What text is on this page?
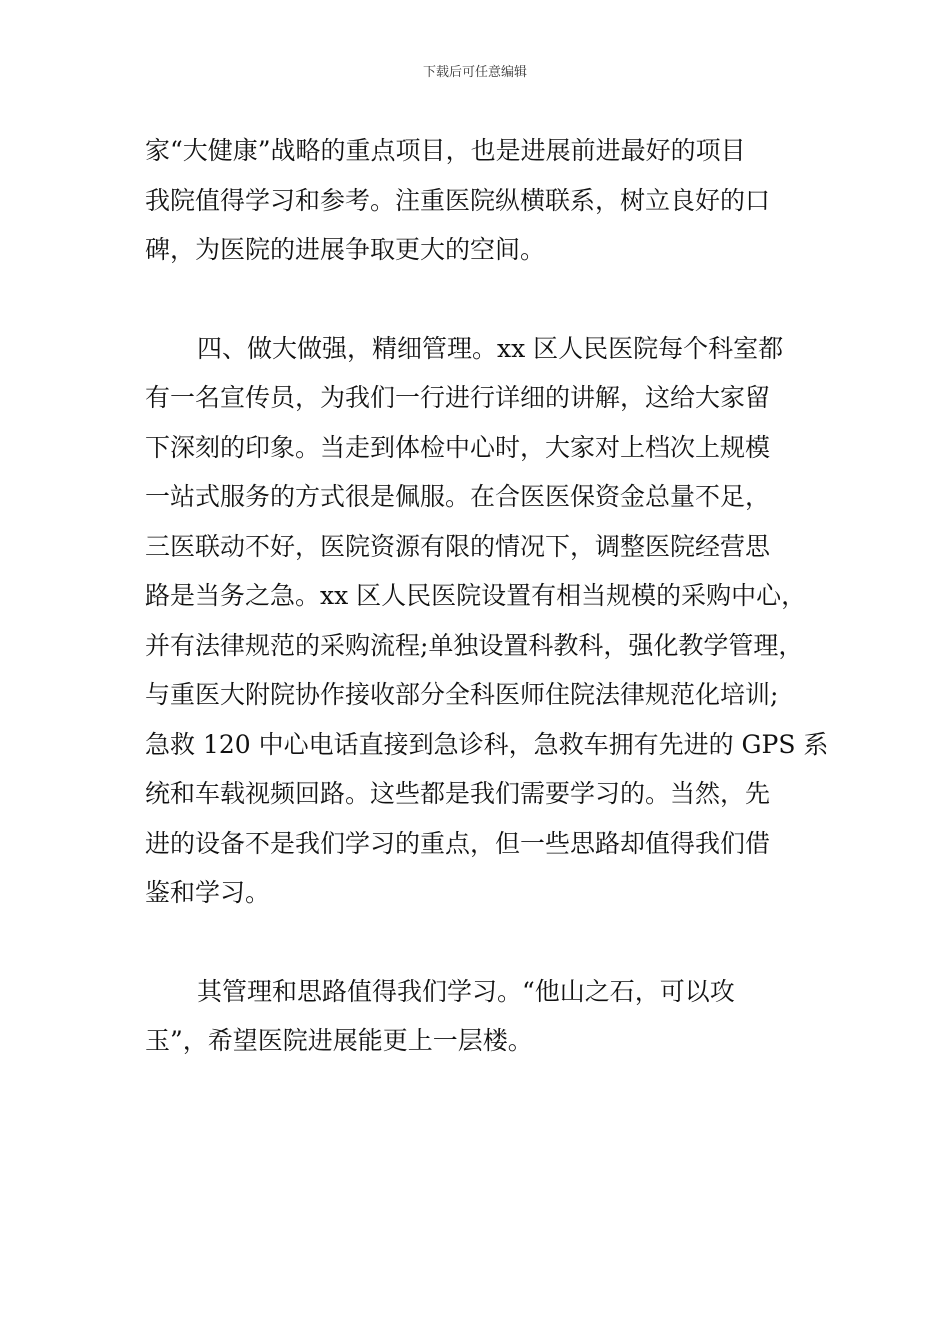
下载后可任意编辑

家“大健康”战略的重点项目，也是进展前进最好的项目
我院值得学习和参考。注重医院纵横联系，树立良好的口
碑，为医院的进展争取更大的空间。

四、做大做强，精细管理。xx 区人民医院每个科室都
有一名宣传员，为我们一行进行详细的讲解，这给大家留
下深刻的印象。当走到体检中心时，大家对上档次上规模
一站式服务的方式很是佩服。在合医医保资金总量不足，
三医联动不好，医院资源有限的情况下，调整医院经营思
路是当务之急。xx 区人民医院设置有相当规模的采购中心，
并有法律规范的采购流程;单独设置科教科，强化教学管理，
与重医大附院协作接收部分全科医师住院法律规范化培训;
急救 120 中心电话直接到急诊科，急救车拥有先进的 GPS 系
统和车载视频回路。这些都是我们需要学习的。当然，先
进的设备不是我们学习的重点，但一些思路却值得我们借
鉴和学习。

其管理和思路值得我们学习。“他山之石，可以攻
玉”，希望医院进展能更上一层楼。
